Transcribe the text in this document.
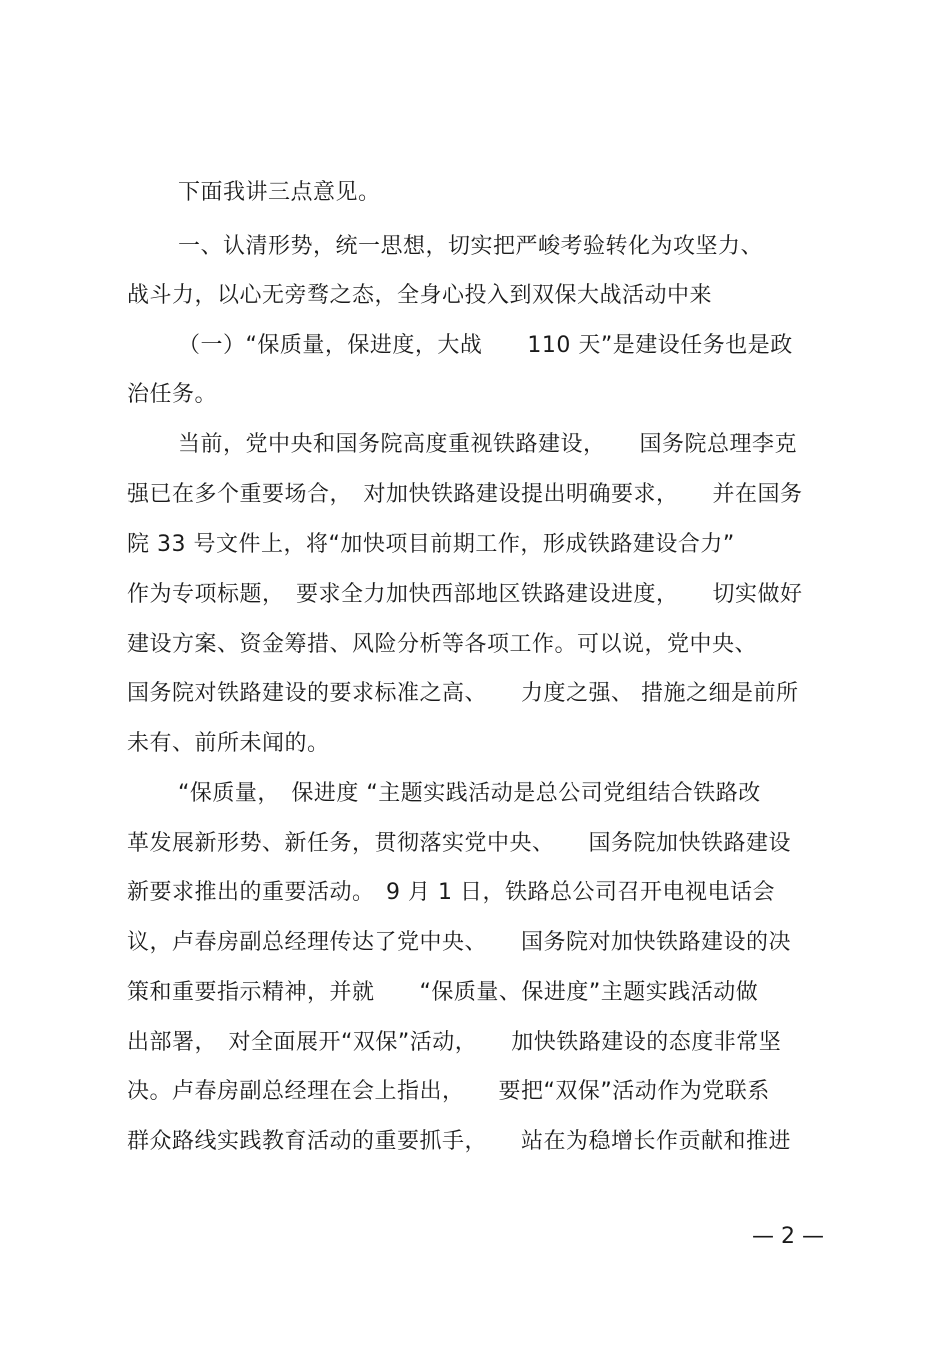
下面我讲三点意见。
一、认清形势，统一思想，切实把严峻考验转化为攻坚力、
战斗力，以心无旁骛之态，全身心投入到双保大战活动中来
（一）“保质量，保进度，大战　　110 天”是建设任务也是政
治任务。
当前，党中央和国务院高度重视铁路建设，　　国务院总理李克
强已在多个重要场合，　对加快铁路建设提出明确要求，　　并在国务
院 33 号文件上，将“加快项目前期工作，形成铁路建设合力”
作为专项标题，　要求全力加快西部地区铁路建设进度，　　切实做好
建设方案、资金筹措、风险分析等各项工作。可以说，党中央、
国务院对铁路建设的要求标准之高、　　力度之强、 措施之细是前所
未有、前所未闻的。
“保质量，　保进度 “主题实践活动是总公司党组结合铁路改
革发展新形势、新任务，贯彻落实党中央、　　国务院加快铁路建设
新要求推出的重要活动。　9 月 1 日，铁路总公司召开电视电话会
议，卢春房副总经理传达了党中央、　　国务院对加快铁路建设的决
策和重要指示精神，并就　　“保质量、保进度”主题实践活动做
出部署，　对全面展开“双保”活动，　　加快铁路建设的态度非常坚
决。卢春房副总经理在会上指出，　　要把“双保”活动作为党联系
群众路线实践教育活动的重要抓手，　　站在为稳增长作贡献和推进
— 2 —
